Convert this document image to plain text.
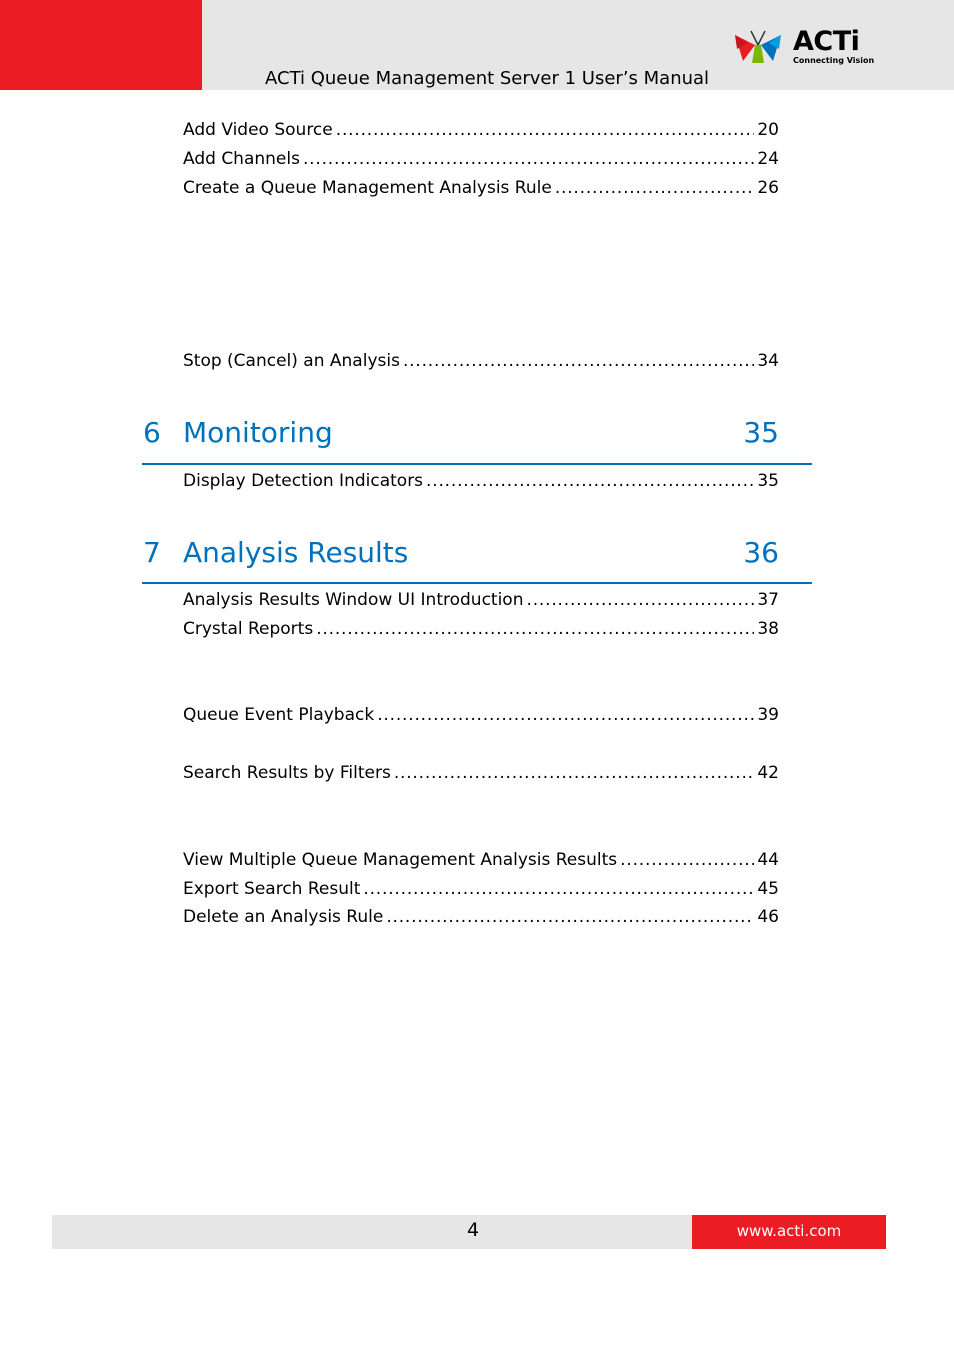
ACTi Queue Management Server 1 User’s Manual
ACTi
Connecting Vision
Add Video Source . . .	20
Add Channels . . .	24
Create a Queue Management Analysis Rule . . .	26
Stop (Cancel) an Analysis . . .	34
6 Monitoring	35
Display Detection Indicators . . .	35
7 Analysis Results	36
Analysis Results Window UI Introduction . . .	37
Crystal Reports . . .	38
Queue Event Playback . . .	39
Search Results by Filters . . .	42
View Multiple Queue Management Analysis Results . . .	44
Export Search Result . . .	45
Delete an Analysis Rule . . .	46
4	www.acti.com
